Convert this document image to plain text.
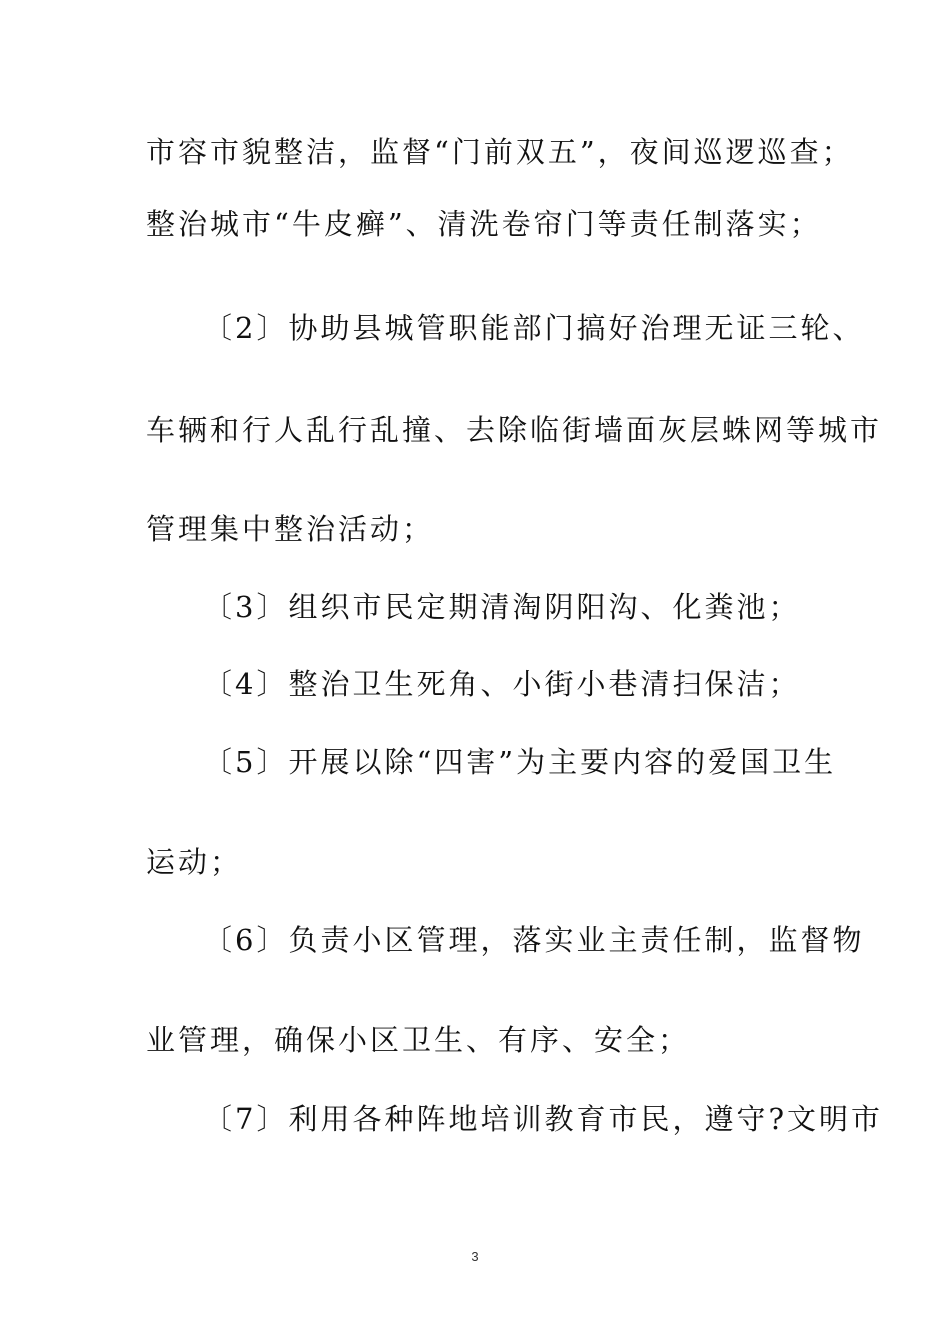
市容市貌整洁，监督“门前双五”，夜间巡逻巡查；
整治城市“牛皮癣”、清洗卷帘门等责任制落实；
〔2〕协助县城管职能部门搞好治理无证三轮、
车辆和行人乱行乱撞、去除临街墙面灰层蛛网等城市
管理集中整治活动；
〔3〕组织市民定期清淘阴阳沟、化粪池；
〔4〕整治卫生死角、小街小巷清扫保洁；
〔5〕开展以除“四害”为主要内容的爱国卫生
运动；
〔6〕负责小区管理，落实业主责任制，监督物
业管理，确保小区卫生、有序、安全；
〔7〕利用各种阵地培训教育市民，遵守?文明市
3
